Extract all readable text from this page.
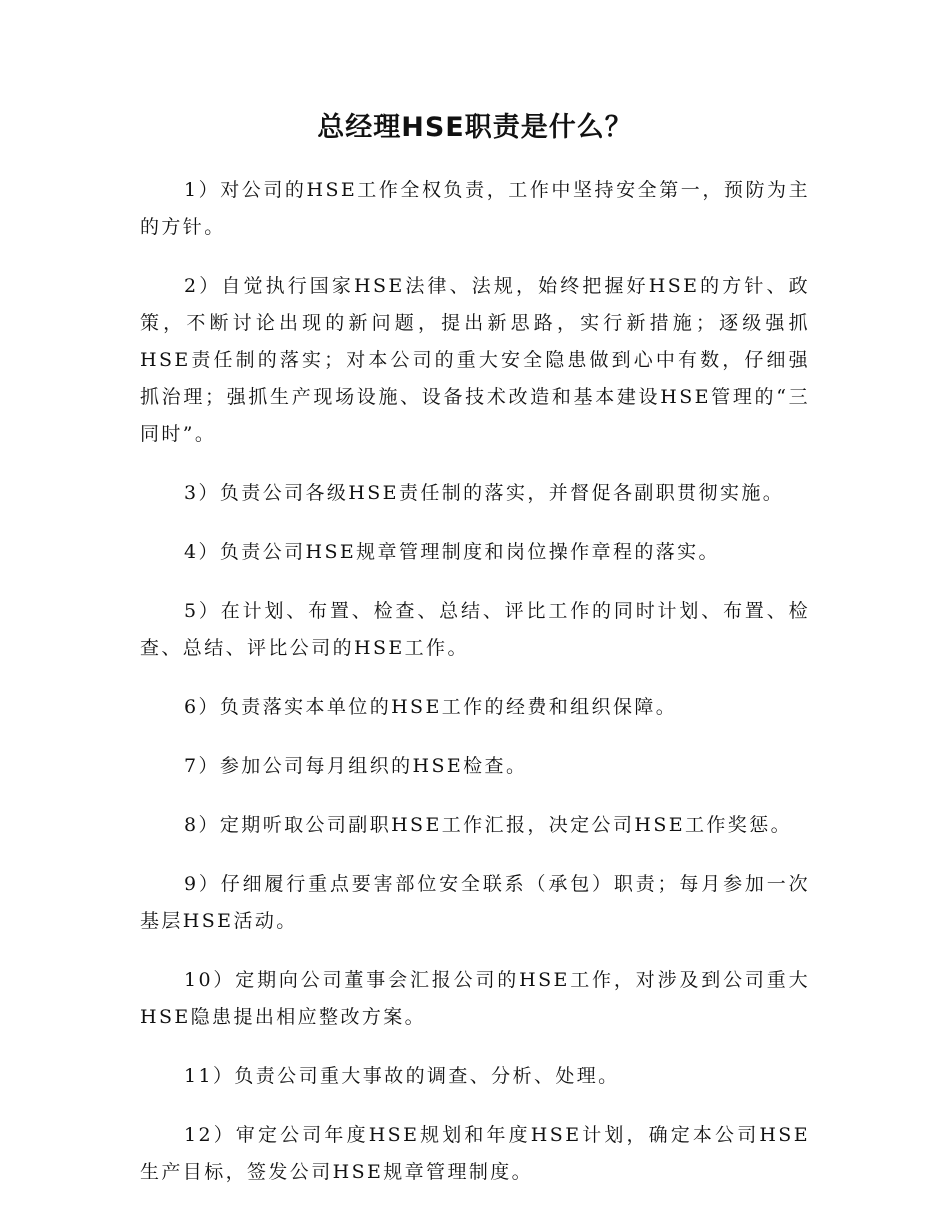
总经理HSE职责是什么？

1）对公司的HSE工作全权负责，工作中坚持安全第一，预防为主的方针。

2）自觉执行国家HSE法律、法规，始终把握好HSE的方针、政策，不断讨论出现的新问题，提出新思路，实行新措施；逐级强抓HSE责任制的落实；对本公司的重大安全隐患做到心中有数，仔细强抓治理；强抓生产现场设施、设备技术改造和基本建设HSE管理的“三同时”。

3）负责公司各级HSE责任制的落实，并督促各副职贯彻实施。

4）负责公司HSE规章管理制度和岗位操作章程的落实。

5）在计划、布置、检查、总结、评比工作的同时计划、布置、检查、总结、评比公司的HSE工作。

6）负责落实本单位的HSE工作的经费和组织保障。

7）参加公司每月组织的HSE检查。

8）定期听取公司副职HSE工作汇报，决定公司HSE工作奖惩。

9）仔细履行重点要害部位安全联系（承包）职责；每月参加一次基层HSE活动。

10）定期向公司董事会汇报公司的HSE工作，对涉及到公司重大HSE隐患提出相应整改方案。

11）负责公司重大事故的调查、分析、处理。

12）审定公司年度HSE规划和年度HSE计划，确定本公司HSE生产目标，签发公司HSE规章管理制度。
